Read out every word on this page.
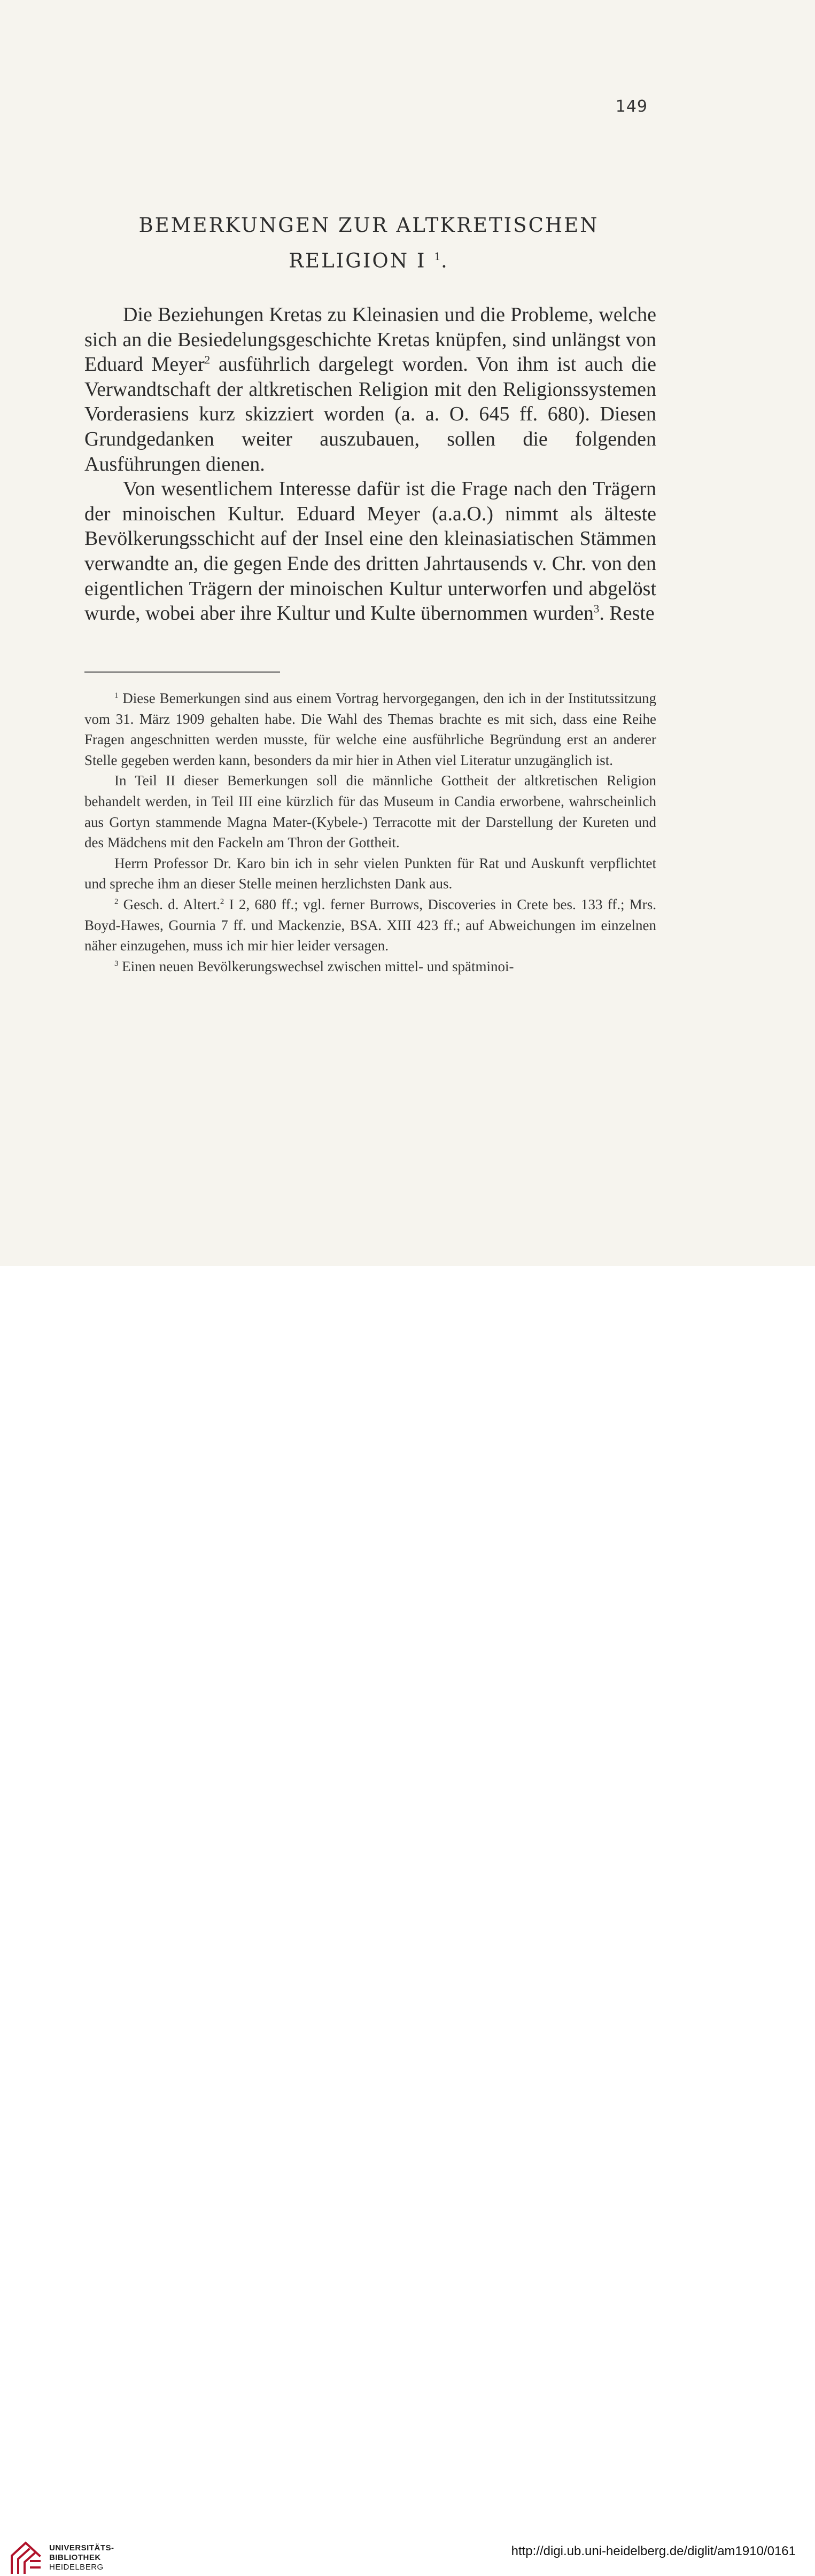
149
BEMERKUNGEN ZUR ALTKRETISCHEN
RELIGION I $^1$.

Die Beziehungen Kretas zu Kleinasien und die Probleme, welche sich an die Besiedelungsgeschichte Kretas knüpfen, sind unlängst von Eduard Meyer$^2$ ausführlich dargelegt worden. Von ihm ist auch die Verwandtschaft der altkretischen Religion mit den Religionssystemen Vorderasiens kurz skizziert worden (a. a. O. 645 ff. 680). Diesen Grundgedanken weiter auszubauen, sollen die folgenden Ausführungen dienen.

Von wesentlichem Interesse dafür ist die Frage nach den Trägern der minoischen Kultur. Eduard Meyer (a.a.O.) nimmt als älteste Bevölkerungsschicht auf der Insel eine den kleinasiatischen Stämmen verwandte an, die gegen Ende des dritten Jahrtausends v. Chr. von den eigentlichen Trägern der minoischen Kultur unterworfen und abgelöst wurde, wobei aber ihre Kultur und Kulte übernommen wurden$^3$. Reste

$^1$ Diese Bemerkungen sind aus einem Vortrag hervorgegangen, den ich in der Institutssitzung vom 31. März 1909 gehalten habe. Die Wahl des Themas brachte es mit sich, dass eine Reihe Fragen angeschnitten werden musste, für welche eine ausführliche Begründung erst an anderer Stelle gegeben werden kann, besonders da mir hier in Athen viel Literatur unzugänglich ist.

In Teil II dieser Bemerkungen soll die männliche Gottheit der altkretischen Religion behandelt werden, in Teil III eine kürzlich für das Museum in Candia erworbene, wahrscheinlich aus Gortyn stammende Magna Mater-(Kybele-) Terracotte mit der Darstellung der Kureten und des Mädchens mit den Fackeln am Thron der Gottheit.

Herrn Professor Dr. Karo bin ich in sehr vielen Punkten für Rat und Auskunft verpflichtet und spreche ihm an dieser Stelle meinen herzlichsten Dank aus.

$^2$ Gesch. d. Altert.$^2$ I 2, 680 ff.; vgl. ferner Burrows, Discoveries in Crete bes. 133 ff.; Mrs. Boyd-Hawes, Gournia 7 ff. und Mackenzie, BSA. XIII 423 ff.; auf Abweichungen im einzelnen näher einzugehen, muss ich mir hier leider versagen.

$^3$ Einen neuen Bevölkerungswechsel zwischen mittel- und spätminoi-

UNIVERSITÄTS-
BIBLIOTHEK
HEIDELBERG
http://digi.ub.uni-heidelberg.de/diglit/am1910/0161
